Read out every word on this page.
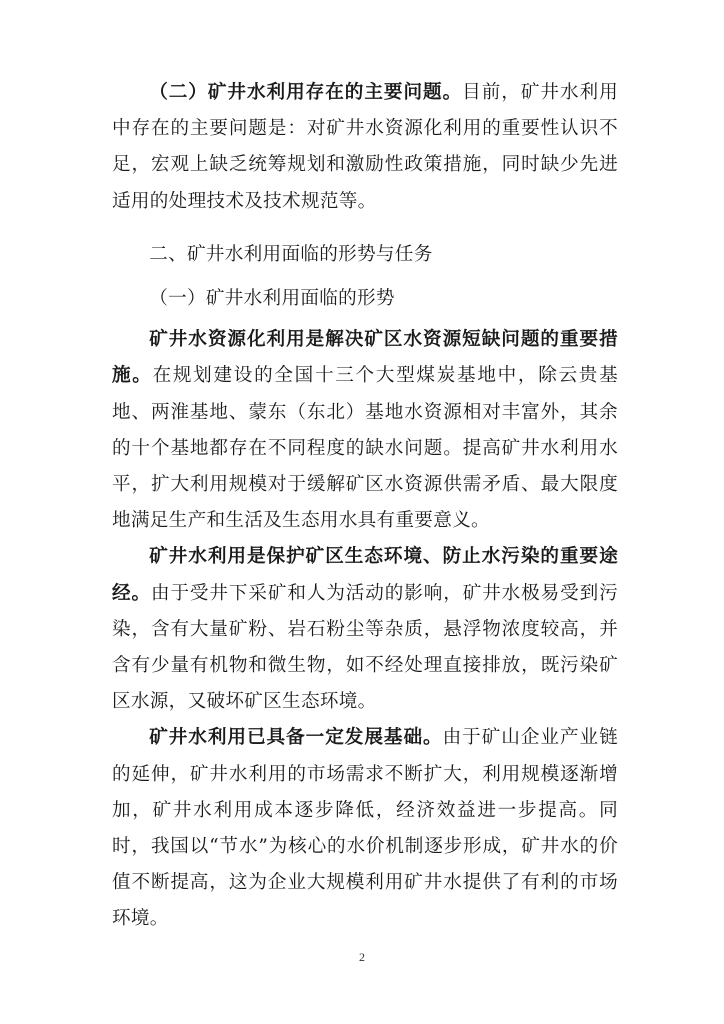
（二）矿井水利用存在的主要问题。目前，矿井水利用中存在的主要问题是：对矿井水资源化利用的重要性认识不足，宏观上缺乏统筹规划和激励性政策措施，同时缺少先进适用的处理技术及技术规范等。

二、矿井水利用面临的形势与任务

（一）矿井水利用面临的形势

矿井水资源化利用是解决矿区水资源短缺问题的重要措施。在规划建设的全国十三个大型煤炭基地中，除云贵基地、两淮基地、蒙东（东北）基地水资源相对丰富外，其余的十个基地都存在不同程度的缺水问题。提高矿井水利用水平，扩大利用规模对于缓解矿区水资源供需矛盾、最大限度地满足生产和生活及生态用水具有重要意义。

矿井水利用是保护矿区生态环境、防止水污染的重要途经。由于受井下采矿和人为活动的影响，矿井水极易受到污染，含有大量矿粉、岩石粉尘等杂质，悬浮物浓度较高，并含有少量有机物和微生物，如不经处理直接排放，既污染矿区水源，又破坏矿区生态环境。

矿井水利用已具备一定发展基础。由于矿山企业产业链的延伸，矿井水利用的市场需求不断扩大，利用规模逐渐增加，矿井水利用成本逐步降低，经济效益进一步提高。同时，我国以“节水”为核心的水价机制逐步形成，矿井水的价值不断提高，这为企业大规模利用矿井水提供了有利的市场环境。

2
